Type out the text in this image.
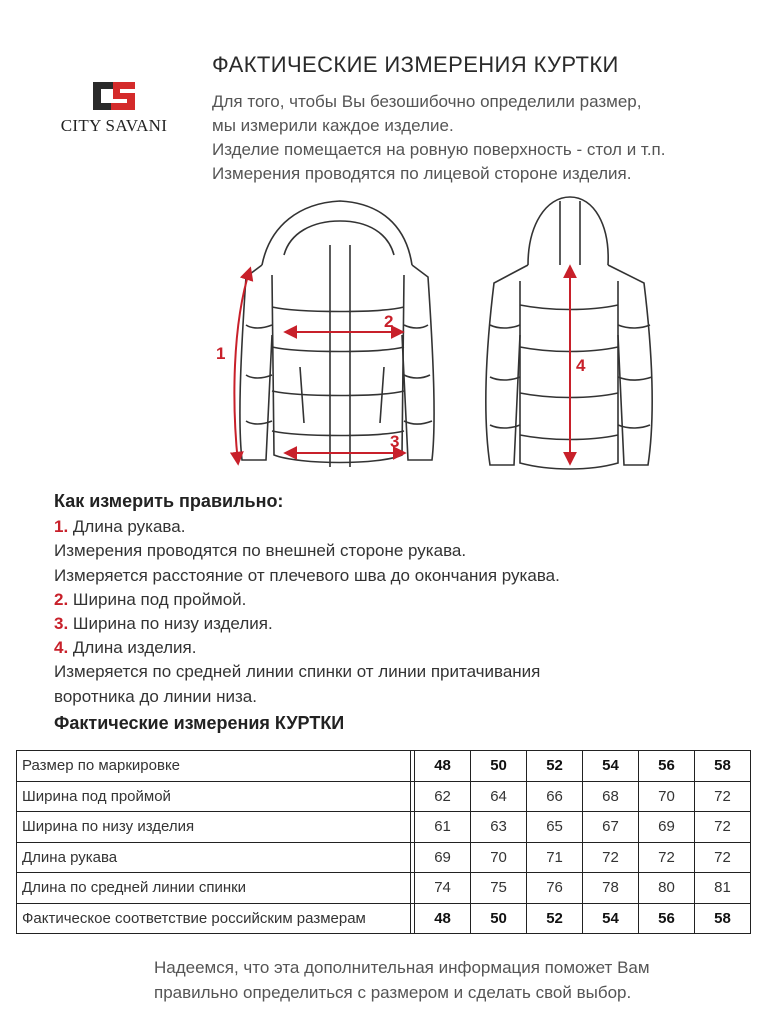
CITY SAVANI
ФАКТИЧЕСКИЕ ИЗМЕРЕНИЯ КУРТКИ
Для того, чтобы Вы безошибочно определили размер,
мы измерили каждое изделие.
Изделие помещается на ровную поверхность - стол и т.п.
Измерения проводятся по лицевой стороне изделия.
1
2
3
4
Как измерить правильно:
1. Длина рукава.
Измерения проводятся по внешней стороне рукава.
Измеряется расстояние от плечевого шва до окончания рукава.
2. Ширина под проймой.
3. Ширина по низу изделия.
4. Длина изделия.
Измеряется по средней линии спинки от линии притачивания
воротника до линии низа.
Фактические измерения КУРТКИ
Размер по маркировке		48	50	52	54	56	58
Ширина под проймой		62	64	66	68	70	72
Ширина по низу изделия		61	63	65	67	69	72
Длина рукава		69	70	71	72	72	72
Длина по средней линии спинки		74	75	76	78	80	81
Фактическое соответствие российским размерам		48	50	52	54	56	58
Надеемся, что эта дополнительная информация поможет Вам
правильно определиться с размером и сделать свой выбор.
